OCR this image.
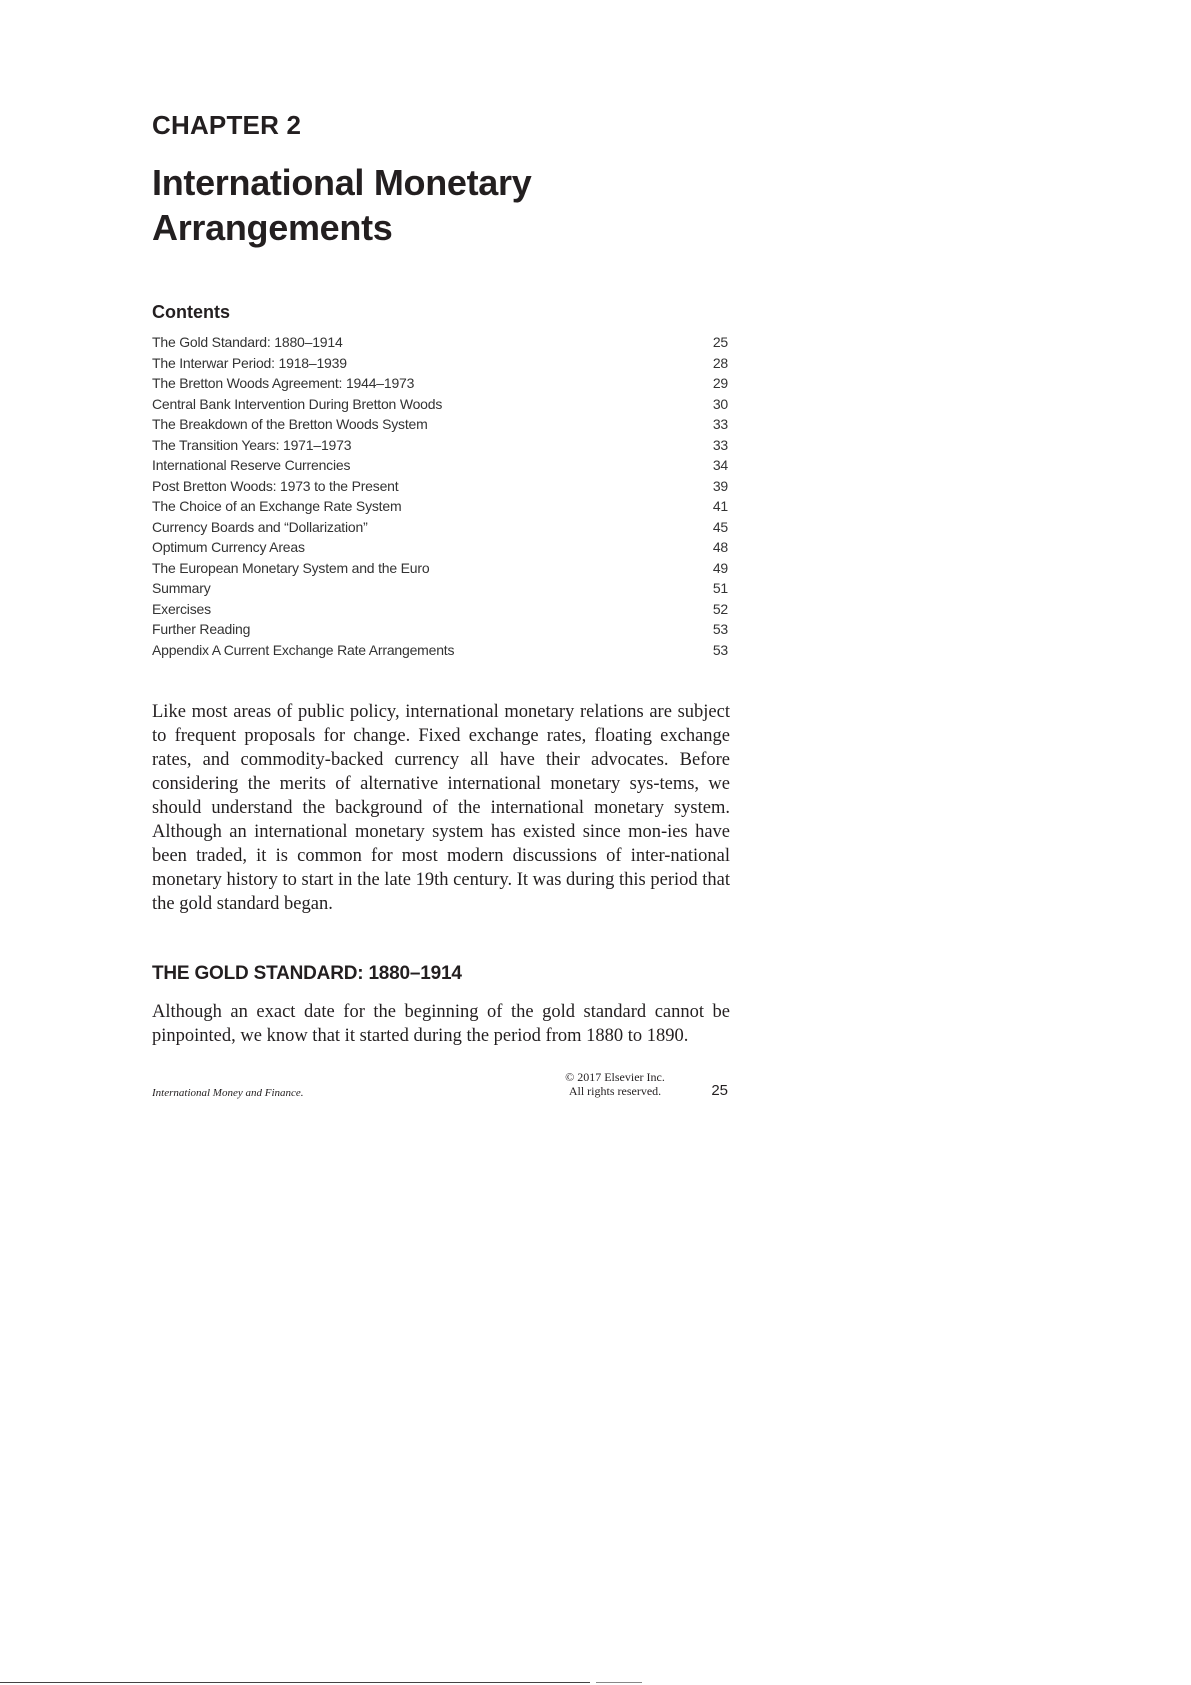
CHAPTER 2
International Monetary
Arrangements
Contents
The Gold Standard: 1880–1914	25
The Interwar Period: 1918–1939	28
The Bretton Woods Agreement: 1944–1973	29
Central Bank Intervention During Bretton Woods	30
The Breakdown of the Bretton Woods System	33
The Transition Years: 1971–1973	33
International Reserve Currencies	34
Post Bretton Woods: 1973 to the Present	39
The Choice of an Exchange Rate System	41
Currency Boards and “Dollarization”	45
Optimum Currency Areas	48
The European Monetary System and the Euro	49
Summary	51
Exercises	52
Further Reading	53
Appendix A Current Exchange Rate Arrangements	53

Like most areas of public policy, international monetary relations are subject to frequent proposals for change. Fixed exchange rates, floating exchange rates, and commodity-backed currency all have their advocates. Before considering the merits of alternative international monetary sys-tems, we should understand the background of the international monetary system. Although an international monetary system has existed since mon-ies have been traded, it is common for most modern discussions of inter-national monetary history to start in the late 19th century. It was during this period that the gold standard began.

THE GOLD STANDARD: 1880–1914

Although an exact date for the beginning of the gold standard cannot be pinpointed, we know that it started during the period from 1880 to 1890.

International Money and Finance.
© 2017 Elsevier Inc.
All rights reserved.	25
